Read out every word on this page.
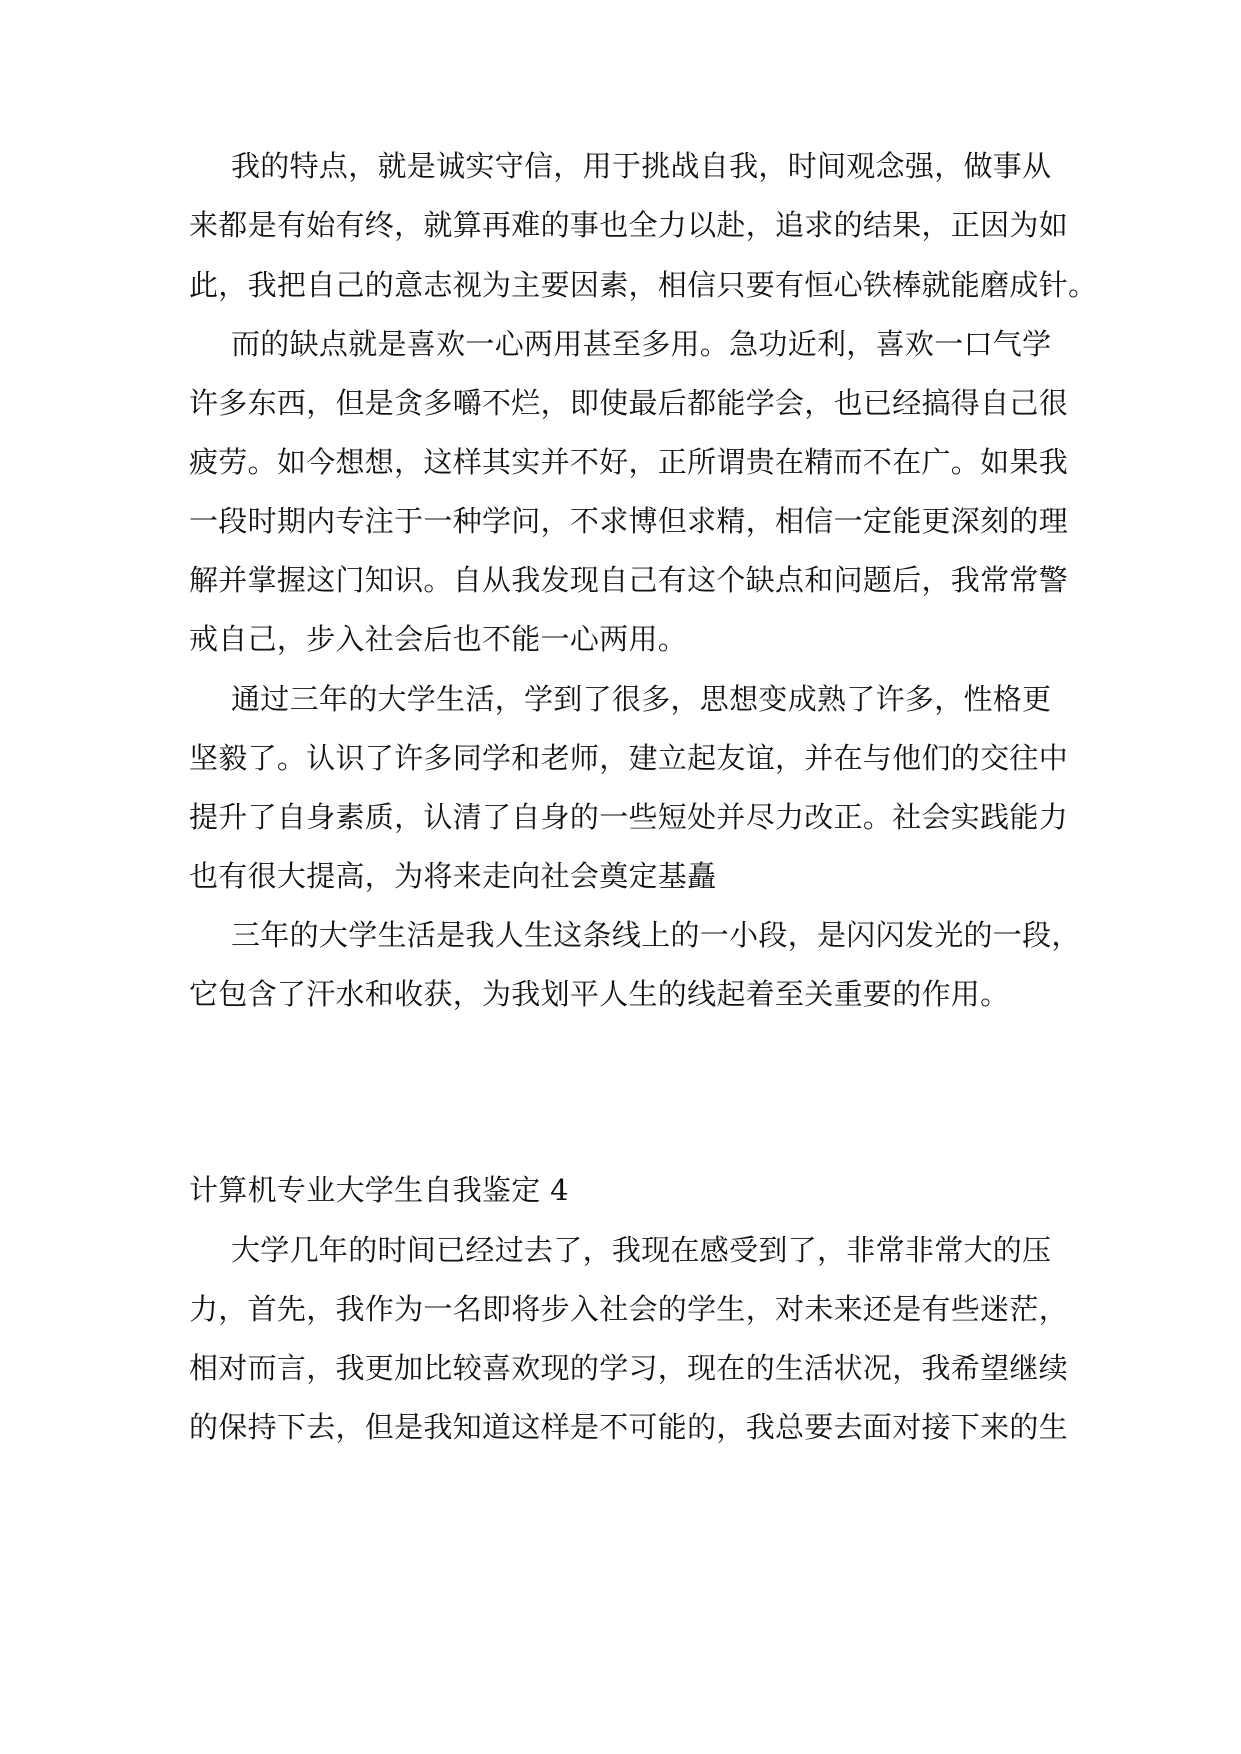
我的特点，就是诚实守信，用于挑战自我，时间观念强，做事从
来都是有始有终，就算再难的事也全力以赴，追求的结果，正因为如
此，我把自己的意志视为主要因素，相信只要有恒心铁棒就能磨成针。
而的缺点就是喜欢一心两用甚至多用。急功近利，喜欢一口气学
许多东西，但是贪多嚼不烂，即使最后都能学会，也已经搞得自己很
疲劳。如今想想，这样其实并不好，正所谓贵在精而不在广。如果我
一段时期内专注于一种学问，不求博但求精，相信一定能更深刻的理
解并掌握这门知识。自从我发现自己有这个缺点和问题后，我常常警
戒自己，步入社会后也不能一心两用。
通过三年的大学生活，学到了很多，思想变成熟了许多，性格更
坚毅了。认识了许多同学和老师，建立起友谊，并在与他们的交往中
提升了自身素质，认清了自身的一些短处并尽力改正。社会实践能力
也有很大提高，为将来走向社会奠定基矗
三年的大学生活是我人生这条线上的一小段，是闪闪发光的一段，
它包含了汗水和收获，为我划平人生的线起着至关重要的作用。
计算机专业大学生自我鉴定 4
大学几年的时间已经过去了，我现在感受到了，非常非常大的压
力，首先，我作为一名即将步入社会的学生，对未来还是有些迷茫，
相对而言，我更加比较喜欢现的学习，现在的生活状况，我希望继续
的保持下去，但是我知道这样是不可能的，我总要去面对接下来的生
